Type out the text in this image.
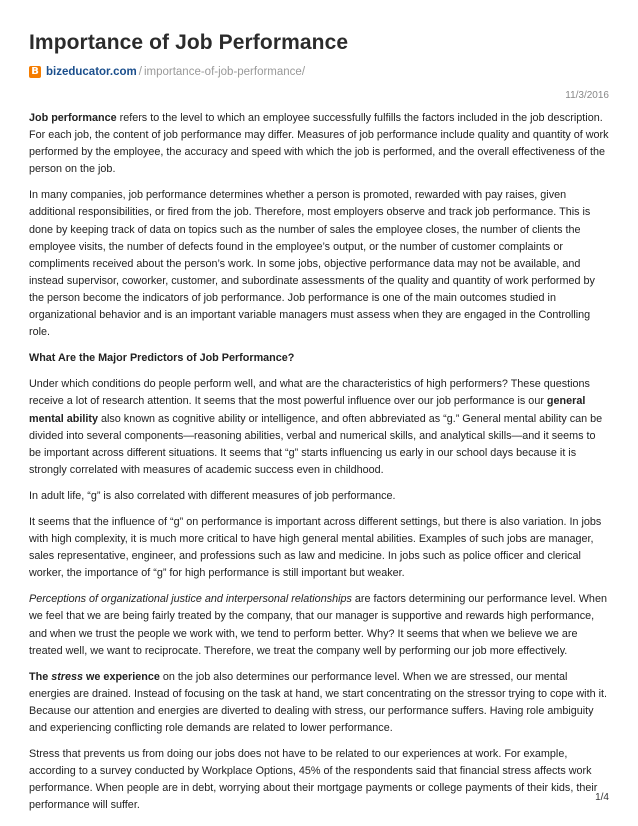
Importance of Job Performance
B bizeducator.com / importance-of-job-performance/
11/3/2016

Job performance refers to the level to which an employee successfully fulfills the factors included in the job description. For each job, the content of job performance may differ. Measures of job performance include quality and quantity of work performed by the employee, the accuracy and speed with which the job is performed, and the overall effectiveness of the person on the job.

In many companies, job performance determines whether a person is promoted, rewarded with pay raises, given additional responsibilities, or fired from the job. Therefore, most employers observe and track job performance. This is done by keeping track of data on topics such as the number of sales the employee closes, the number of clients the employee visits, the number of defects found in the employee’s output, or the number of customer complaints or compliments received about the person’s work. In some jobs, objective performance data may not be available, and instead supervisor, coworker, customer, and subordinate assessments of the quality and quantity of work performed by the person become the indicators of job performance. Job performance is one of the main outcomes studied in organizational behavior and is an important variable managers must assess when they are engaged in the Controlling role.

What Are the Major Predictors of Job Performance?

Under which conditions do people perform well, and what are the characteristics of high performers? These questions receive a lot of research attention. It seems that the most powerful influence over our job performance is our general mental ability also known as cognitive ability or intelligence, and often abbreviated as “g.” General mental ability can be divided into several components—reasoning abilities, verbal and numerical skills, and analytical skills—and it seems to be important across different situations. It seems that “g” starts influencing us early in our school days because it is strongly correlated with measures of academic success even in childhood.

In adult life, “g” is also correlated with different measures of job performance.

It seems that the influence of “g” on performance is important across different settings, but there is also variation. In jobs with high complexity, it is much more critical to have high general mental abilities. Examples of such jobs are manager, sales representative, engineer, and professions such as law and medicine. In jobs such as police officer and clerical worker, the importance of “g” for high performance is still important but weaker.

Perceptions of organizational justice and interpersonal relationships are factors determining our performance level. When we feel that we are being fairly treated by the company, that our manager is supportive and rewards high performance, and when we trust the people we work with, we tend to perform better. Why? It seems that when we believe we are treated well, we want to reciprocate. Therefore, we treat the company well by performing our job more effectively.

The stress we experience on the job also determines our performance level. When we are stressed, our mental energies are drained. Instead of focusing on the task at hand, we start concentrating on the stressor trying to cope with it. Because our attention and energies are diverted to dealing with stress, our performance suffers. Having role ambiguity and experiencing conflicting role demands are related to lower performance.

Stress that prevents us from doing our jobs does not have to be related to our experiences at work. For example, according to a survey conducted by Workplace Options, 45% of the respondents said that financial stress affects work performance. When people are in debt, worrying about their mortgage payments or college payments of their kids, their performance will suffer.

1/4
